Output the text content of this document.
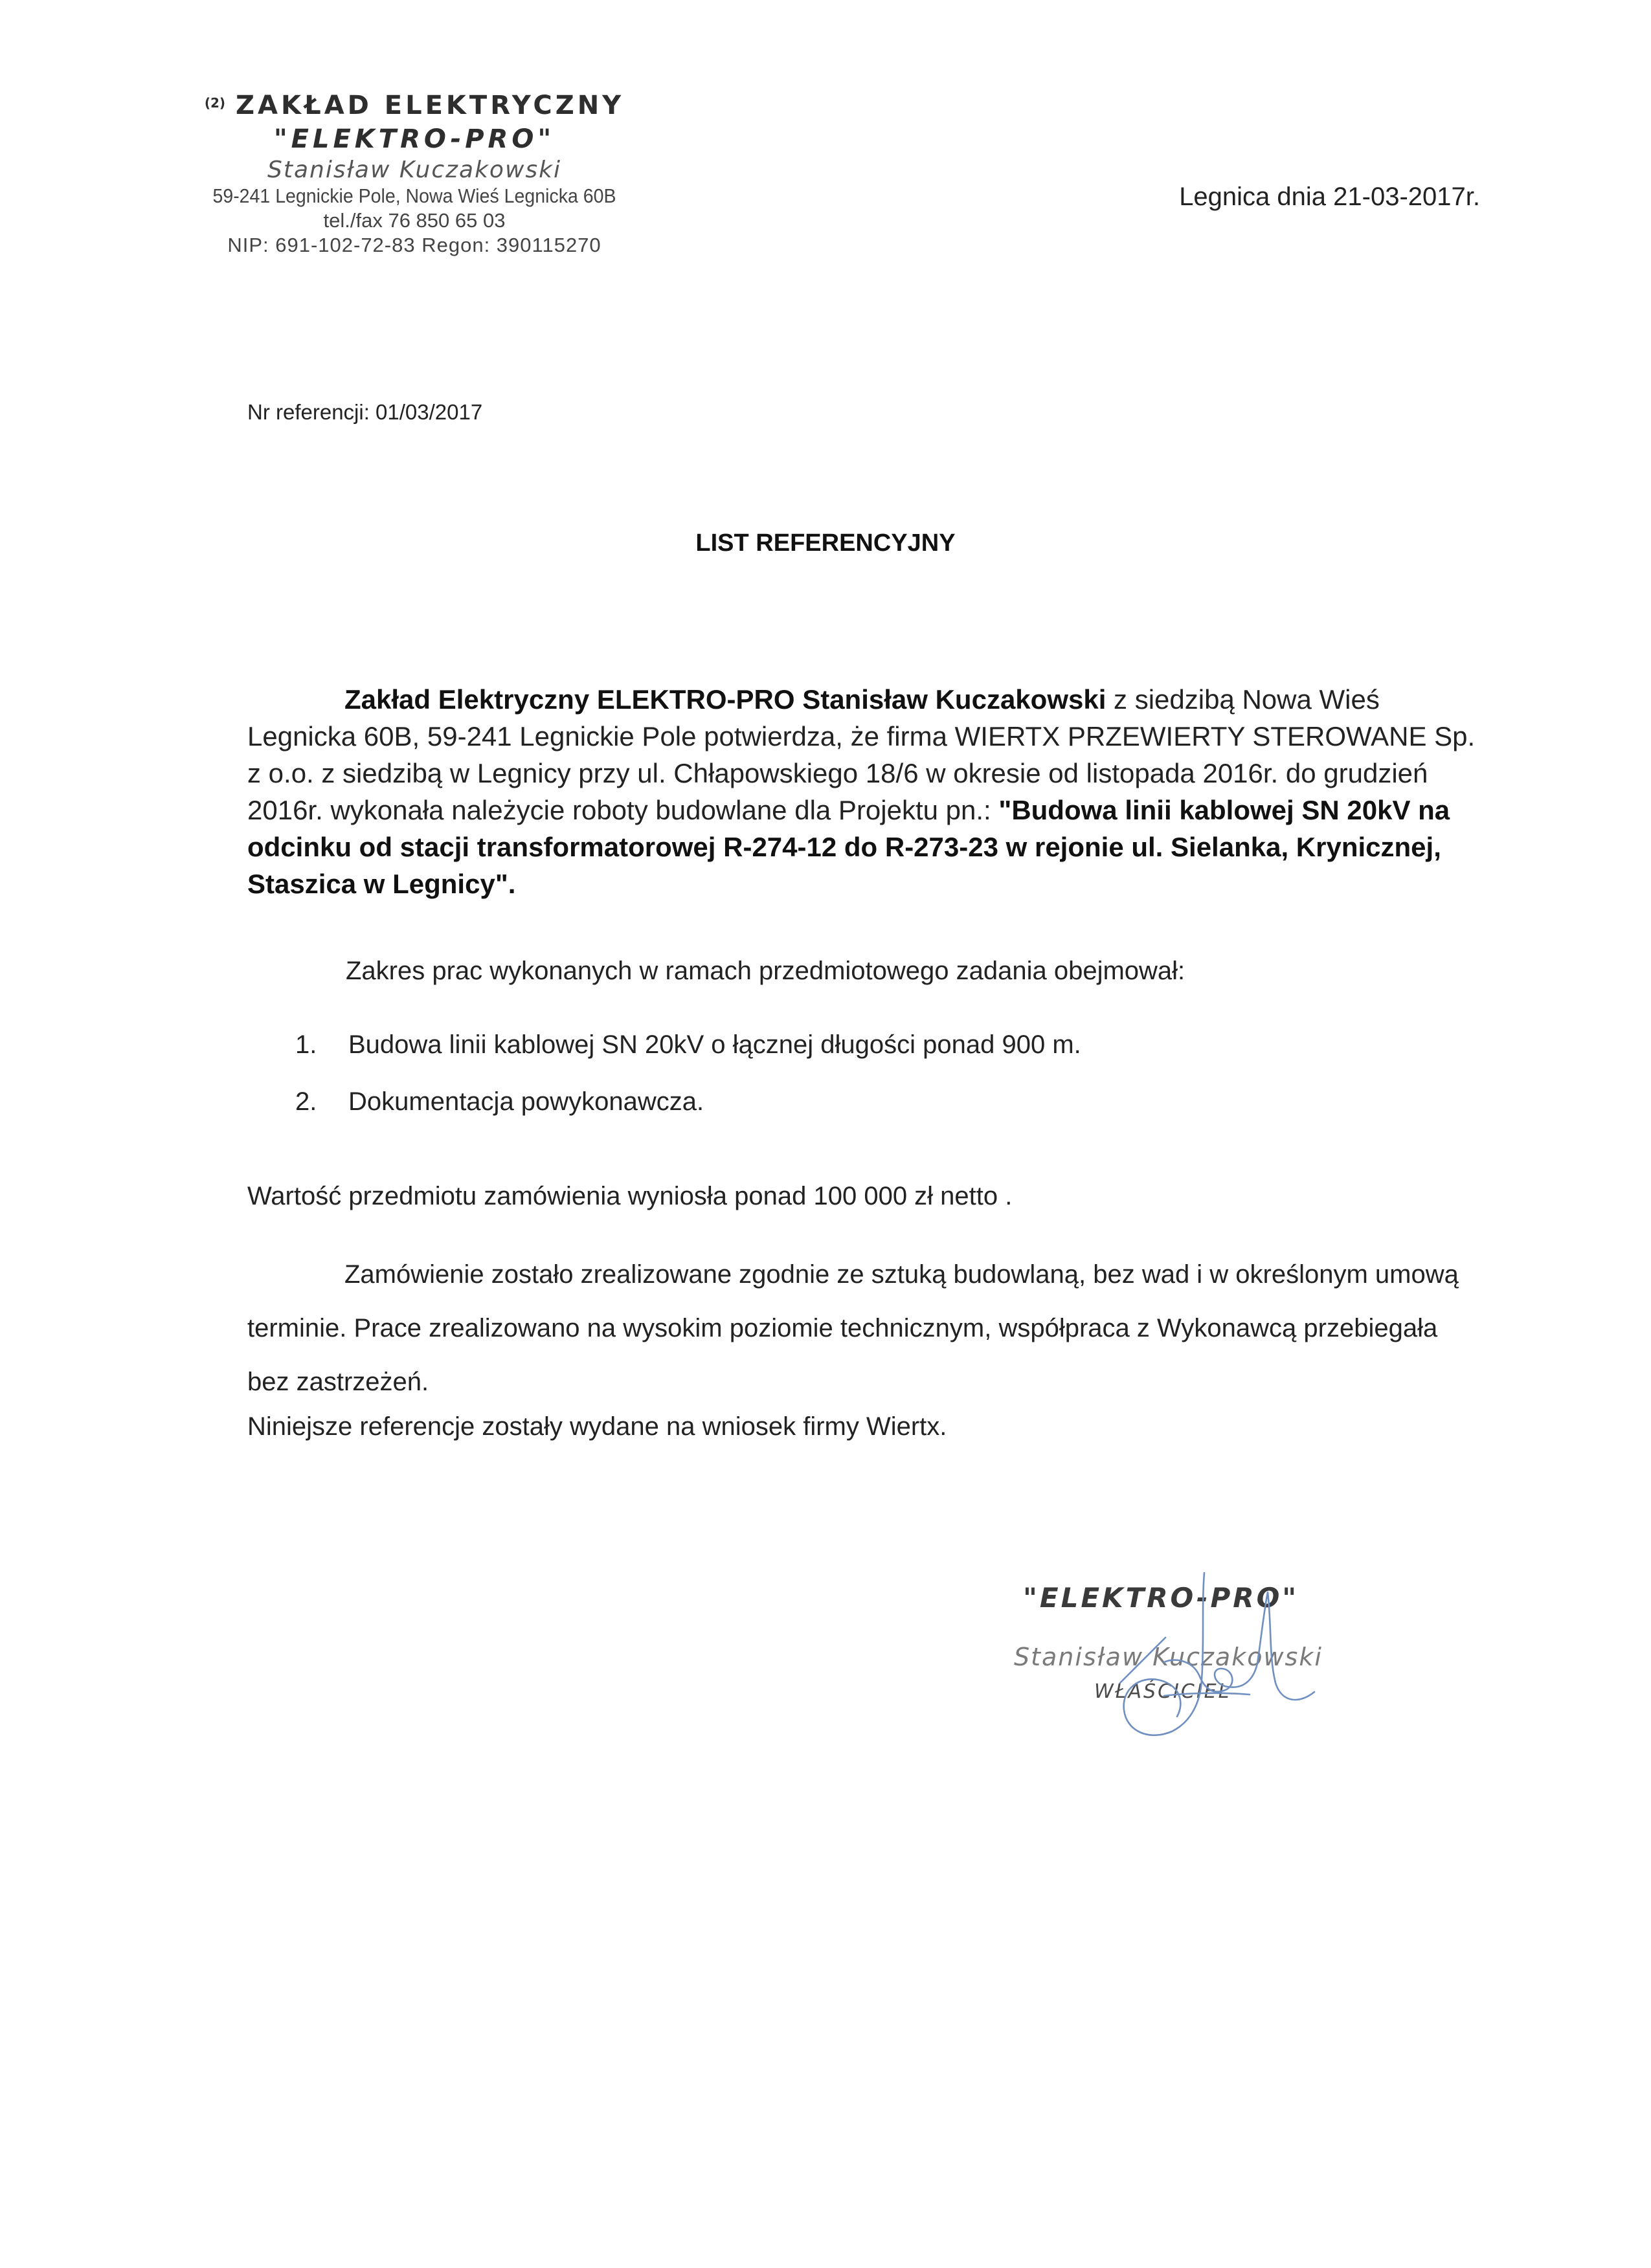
$^{(2)}$ ZAKŁAD ELEKTRYCZNY
"ELEKTRO-PRO"
Stanisław Kuczakowski
59-241 Legnickie Pole, Nowa Wieś Legnicka 60B
tel./fax 76 850 65 03
NIP: 691-102-72-83 Regon: 390115270
Legnica dnia 21-03-2017r.
Nr referencji: 01/03/2017
LIST REFERENCYJNY
Zakład Elektryczny ELEKTRO-PRO Stanisław Kuczakowski z siedzibą Nowa Wieś Legnicka 60B, 59-241 Legnickie Pole potwierdza, że firma WIERTX PRZEWIERTY STEROWANE Sp. z o.o. z siedzibą w Legnicy przy ul. Chłapowskiego 18/6 w okresie od listopada 2016r. do grudzień 2016r. wykonała należycie roboty budowlane dla Projektu pn.: "Budowa linii kablowej SN 20kV na odcinku od stacji transformatorowej R-274-12 do R-273-23 w rejonie ul. Sielanka, Krynicznej, Staszica w Legnicy".
Zakres prac wykonanych w ramach przedmiotowego zadania obejmował:
1. Budowa linii kablowej SN 20kV o łącznej długości ponad 900 m.
2. Dokumentacja powykonawcza.
Wartość przedmiotu zamówienia wyniosła ponad 100 000 zł netto .
Zamówienie zostało zrealizowane zgodnie ze sztuką budowlaną, bez wad i w określonym umową terminie. Prace zrealizowano na wysokim poziomie technicznym, współpraca z Wykonawcą przebiegała bez zastrzeżeń.
Niniejsze referencje zostały wydane na wniosek firmy Wiertx.
"ELEKTRO-PRO"
Stanisław Kuczakowski
WŁAŚCICIEL
